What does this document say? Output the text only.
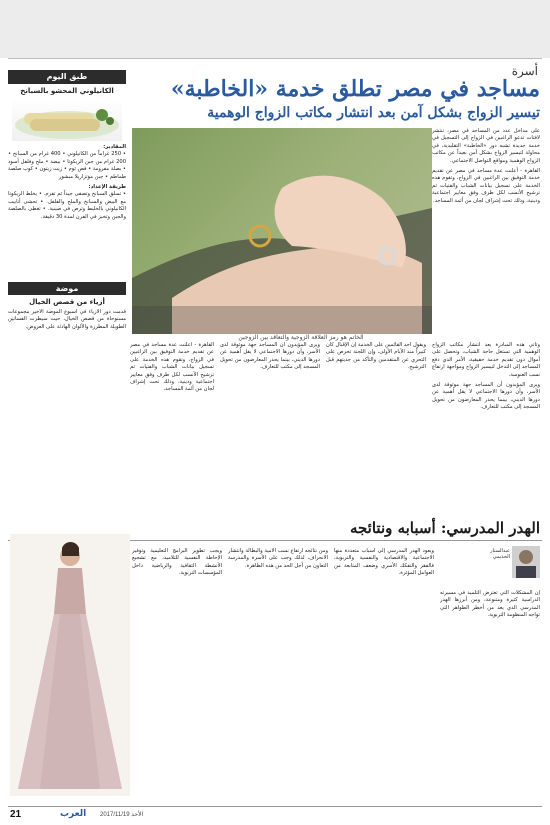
أسرة
مساجد في مصر تطلق خدمة «الخاطبة»
تيسير الزواج بشكل آمن بعد انتشار مكاتب الزواج الوهمية

على مداخل عدد من المساجد في مصر، تنتشر لافتات تدعو الراغبين في الزواج إلى التسجيل في خدمة جديدة تشبه دور «الخاطبة» التقليدية، في محاولة لتيسير الزواج بشكل آمن بعيداً عن مكاتب الزواج الوهمية ومواقع التواصل الاجتماعي.

القاهرة - أعلنت عدة مساجد في مصر عن تقديم خدمة التوفيق بين الراغبين في الزواج، وتقوم هذه الخدمة على تسجيل بيانات الشباب والفتيات ثم ترشيح الأنسب لكل طرف وفق معايير اجتماعية ودينية، وذلك تحت إشراف لجان من أئمة المساجد.

الخاتم هو رمز العلاقة الزوجية والتعاقد بين الزوجين

وتأتي هذه المبادرة بعد انتشار مكاتب الزواج الوهمية التي تستغل حاجة الشباب، وتحصل على أموال دون تقديم خدمة حقيقية، الأمر الذي دفع المساجد إلى التدخل لتيسير الزواج ومواجهة ارتفاع نسب العنوسة.

ويرى المؤيدون أن المساجد جهة موثوقة لدى الأسر، وأن دورها الاجتماعي لا يقل أهمية عن دورها الديني، بينما يحذر المعارضون من تحويل المسجد إلى مكتب للتعارف.

ويقول أحد القائمين على الخدمة إن الإقبال كان كبيراً منذ الأيام الأولى، وإن اللجنة تحرص على التحري عن المتقدمين والتأكد من جديتهم قبل الترشيح.

ويرى المؤيدون أن المساجد جهة موثوقة لدى الأسر، وأن دورها الاجتماعي لا يقل أهمية عن دورها الديني، بينما يحذر المعارضون من تحويل المسجد إلى مكتب للتعارف.

القاهرة - أعلنت عدة مساجد في مصر عن تقديم خدمة التوفيق بين الراغبين في الزواج، وتقوم هذه الخدمة على تسجيل بيانات الشباب والفتيات ثم ترشيح الأنسب لكل طرف وفق معايير اجتماعية ودينية، وذلك تحت إشراف لجان من أئمة المساجد.

طبق اليوم
الكانيلوني المحشو بالسبانخ

المقادير:

• 250 غراماً من الكانيلوني • 400 غرام من السبانخ • 200 غرام من جبن الريكوتا • بيضة • ملح وفلفل أسود • بصلة مفرومة • فص ثوم • زيت زيتون • كوب صلصة طماطم • جبن موتزاريلا مبشور

طريقة الإعداد:

• تسلق السبانخ وتصفى جيداً ثم تفرم. • يخلط الريكوتا مع البيض والسبانخ والملح والفلفل. • تحشى أنابيب الكانيلوني بالخليط وترص في صينية. • تغطى بالصلصة والجبن وتخبز في الفرن لمدة 30 دقيقة.

موضة
أزياء من قصص الخيال

قدمت دور الأزياء في أسبوع الموضة الأخير مجموعات مستوحاة من قصص الخيال، حيث سيطرت الفساتين الطويلة المطرزة والألوان الهادئة على العروض.

الهدر المدرسي: أسبابه ونتائجه
عبدالستار الخديمي

إن المشكلات التي تعترض التلميذ في مسيرته الدراسية كثيرة ومتنوعة، ومن أبرزها الهدر المدرسي الذي يعد من أخطر الظواهر التي تواجه المنظومة التربوية.

ويعود الهدر المدرسي إلى أسباب متعددة منها الاجتماعية والاقتصادية والنفسية والتربوية، فالفقر والتفكك الأسري وضعف المتابعة من العوامل المؤثرة.

ومن نتائجه ارتفاع نسب الأمية والبطالة وانتشار الانحراف، لذلك وجب على الأسرة والمدرسة التعاون من أجل الحد من هذه الظاهرة.

ويجب تطوير البرامج التعليمية وتوفير الإحاطة النفسية للتلاميذ، مع تشجيع الأنشطة الثقافية والرياضية داخل المؤسسات التربوية.

21	العرب الأحد 2017/11/19
